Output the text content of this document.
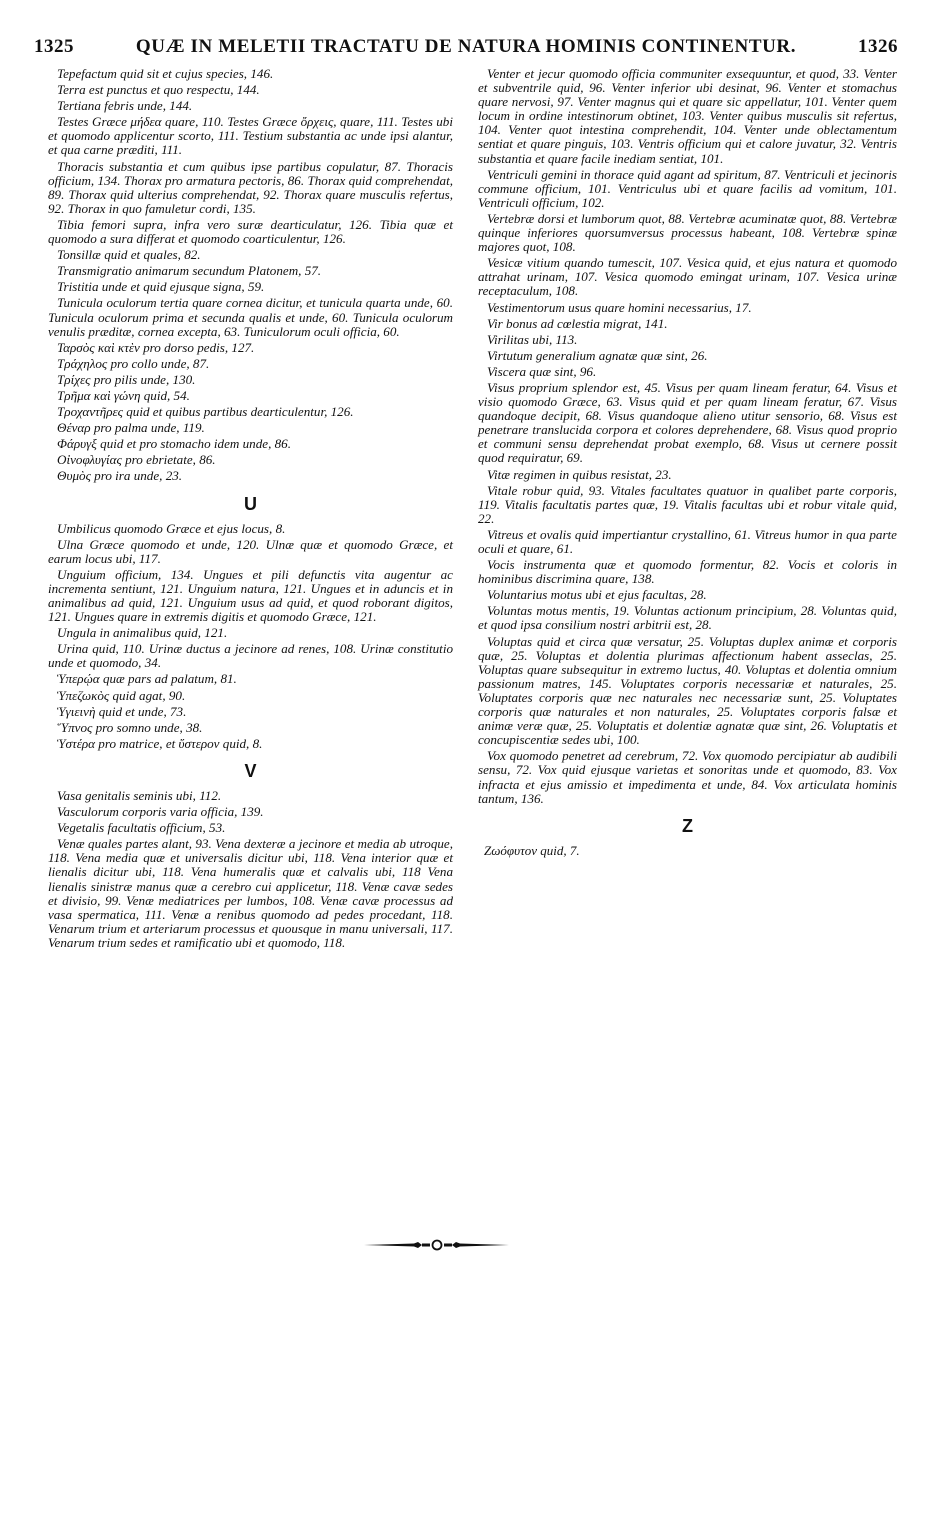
1325	QUÆ IN MELETII TRACTATU DE NATURA HOMINIS CONTINENTUR.	1326
Tepefactum quid sit et cujus species, 146.
Terra est punctus et quo respectu, 144.
Tertiana febris unde, 144.
Testes Græce μήδεα quare, 110. Testes Græce ὄρχεις, quare, 111. Testes ubi et quomodo applicentur scorto, 111. Testium substantia ac unde ipsi alantur, et qua carne præditi, 111.
Thoracis substantia et cum quibus ipse partibus copulatur, 87. Thoracis officium, 134. Thorax pro armatura pectoris, 86. Thorax quid comprehendat, 89. Thorax quid ulterius comprehendat, 92. Thorax quare musculis refertus, 92. Thorax in quo famuletur cordi, 135.
Tibia femori supra, infra vero suræ dearticulatur, 126. Tibia quæ et quomodo a sura differat et quomodo coarticulentur, 126.
Tonsillæ quid et quales, 82.
Transmigratio animarum secundum Platonem, 57.
Tristitia unde et quid ejusque signa, 59.
Tunicula oculorum tertia quare cornea dicitur, et tunicula quarta unde, 60. Tunicula oculorum prima et secunda qualis et unde, 60. Tunicula oculorum venulis præditæ, cornea excepta, 63. Tuniculorum oculi officia, 60.
Ταρσὸς καὶ κτὲν pro dorso pedis, 127.
Τράχηλος pro collo unde, 87.
Τρίχες pro pilis unde, 130.
Τρῆμα καὶ γώνη quid, 54.
Τροχαντῆρες quid et quibus partibus dearticulentur, 126.
Θέναρ pro palma unde, 119.
Φάρυγξ quid et pro stomacho idem unde, 86.
Οἰνοφλυγίας pro ebrietate, 86.
Θυμὸς pro ira unde, 23.
U
Umbilicus quomodo Græce et ejus locus, 8.
Ulna Græce quomodo et unde, 120. Ulnæ quæ et quomodo Græce, et earum locus ubi, 117.
Unguium officium, 134. Ungues et pili defunctis vita augentur ac incrementa sentiunt, 121. Unguium natura, 121. Ungues et in aduncis et in animalibus ad quid, 121. Unguium usus ad quid, et quod roborant digitos, 121. Ungues quare in extremis digitis et quomodo Græce, 121.
Ungula in animalibus quid, 121.
Urina quid, 110. Urinæ ductus a jecinore ad renes, 108. Urinæ constitutio unde et quomodo, 34.
Ὑπερῴα quæ pars ad palatum, 81.
Ὑπεζωκὸς quid agat, 90.
Ὑγιεινὴ quid et unde, 73.
Ὕπνος pro somno unde, 38.
Ὑστέρα pro matrice, et ὕστερον quid, 8.
V
Vasa genitalis seminis ubi, 112.
Vasculorum corporis varia officia, 139.
Vegetalis facultatis officium, 53.
Venæ quales partes alant, 93. Vena dexteræ a jecinore et media ab utroque, 118. Vena media quæ et universalis dicitur ubi, 118. Vena interior quæ et lienalis dicitur ubi, 118. Vena humeralis quæ et calvalis ubi, 118 Vena lienalis sinistræ manus quæ a cerebro cui applicetur, 118. Venæ cavæ sedes et divisio, 99. Venæ mediatrices per lumbos, 108. Venæ cavæ processus ad vasa spermatica, 111. Venæ a renibus quomodo ad pedes procedant, 118. Venarum trium et arteriarum processus et quousque in manu universali, 117. Venarum trium sedes et ramificatio ubi et quomodo, 118.
Venter et jecur quomodo officia communiter exsequuntur, et quod, 33. Venter et subventrile quid, 96. Venter inferior ubi desinat, 96. Venter et stomachus quare nervosi, 97. Venter magnus qui et quare sic appellatur, 101. Venter quem locum in ordine intestinorum obtinet, 103. Venter quibus musculis sit refertus, 104. Venter quot intestina comprehendit, 104. Venter unde oblectamentum sentiat et quare pinguis, 103. Ventris officium qui et calore juvatur, 32. Ventris substantia et quare facile inediam sentiat, 101.
Ventriculi gemini in thorace quid agant ad spiritum, 87. Ventriculi et jecinoris commune officium, 101. Ventriculus ubi et quare facilis ad vomitum, 101. Ventriculi officium, 102.
Vertebræ dorsi et lumborum quot, 88. Vertebræ acuminatæ quot, 88. Vertebræ quinque inferiores quorsumversus processus habeant, 108. Vertebræ spinæ majores quot, 108.
Vesicæ vitium quando tumescit, 107. Vesica quid, et ejus natura et quomodo attrahat urinam, 107. Vesica quomodo emingat urinam, 107. Vesica urinæ receptaculum, 108.
Vestimentorum usus quare homini necessarius, 17.
Vir bonus ad cœlestia migrat, 141.
Virilitas ubi, 113.
Virtutum generalium agnatæ quæ sint, 26.
Viscera quæ sint, 96.
Visus proprium splendor est, 45. Visus per quam lineam feratur, 64. Visus et visio quomodo Græce, 63. Visus quid et per quam lineam feratur, 67. Visus quandoque decipit, 68. Visus quandoque alieno utitur sensorio, 68. Visus est penetrare translucida corpora et colores deprehendere, 68. Visus quod proprio et communi sensu deprehendat probat exemplo, 68. Visus ut cernere possit quod requiratur, 69.
Vitæ regimen in quibus resistat, 23.
Vitale robur quid, 93. Vitales facultates quatuor in qualibet parte corporis, 119. Vitalis facultatis partes quæ, 19. Vitalis facultas ubi et robur vitale quid, 22.
Vitreus et ovalis quid impertiantur crystallino, 61. Vitreus humor in qua parte oculi et quare, 61.
Vocis instrumenta quæ et quomodo formentur, 82. Vocis et coloris in hominibus discrimina quare, 138.
Voluntarius motus ubi et ejus facultas, 28.
Voluntas motus mentis, 19. Voluntas actionum principium, 28. Voluntas quid, et quod ipsa consilium nostri arbitrii est, 28.
Voluptas quid et circa quæ versatur, 25. Voluptas duplex animæ et corporis quæ, 25. Voluptas et dolentia plurimas affectionum habent asseclas, 25. Voluptas quare subsequitur in extremo luctus, 40. Voluptas et dolentia omnium passionum matres, 145. Voluptates corporis necessariæ et naturales, 25. Voluptates corporis quæ nec naturales nec necessariæ sunt, 25. Voluptates corporis quæ naturales et non naturales, 25. Voluptates corporis falsæ et animæ veræ quæ, 25. Voluptatis et dolentiæ agnatæ quæ sint, 26. Voluptatis et concupiscentiæ sedes ubi, 100.
Vox quomodo penetret ad cerebrum, 72. Vox quomodo percipiatur ab audibili sensu, 72. Vox quid ejusque varietas et sonoritas unde et quomodo, 83. Vox infracta et ejus amissio et impedimenta et unde, 84. Vox articulata hominis tantum, 136.
Z
Ζωόφυτον quid, 7.
